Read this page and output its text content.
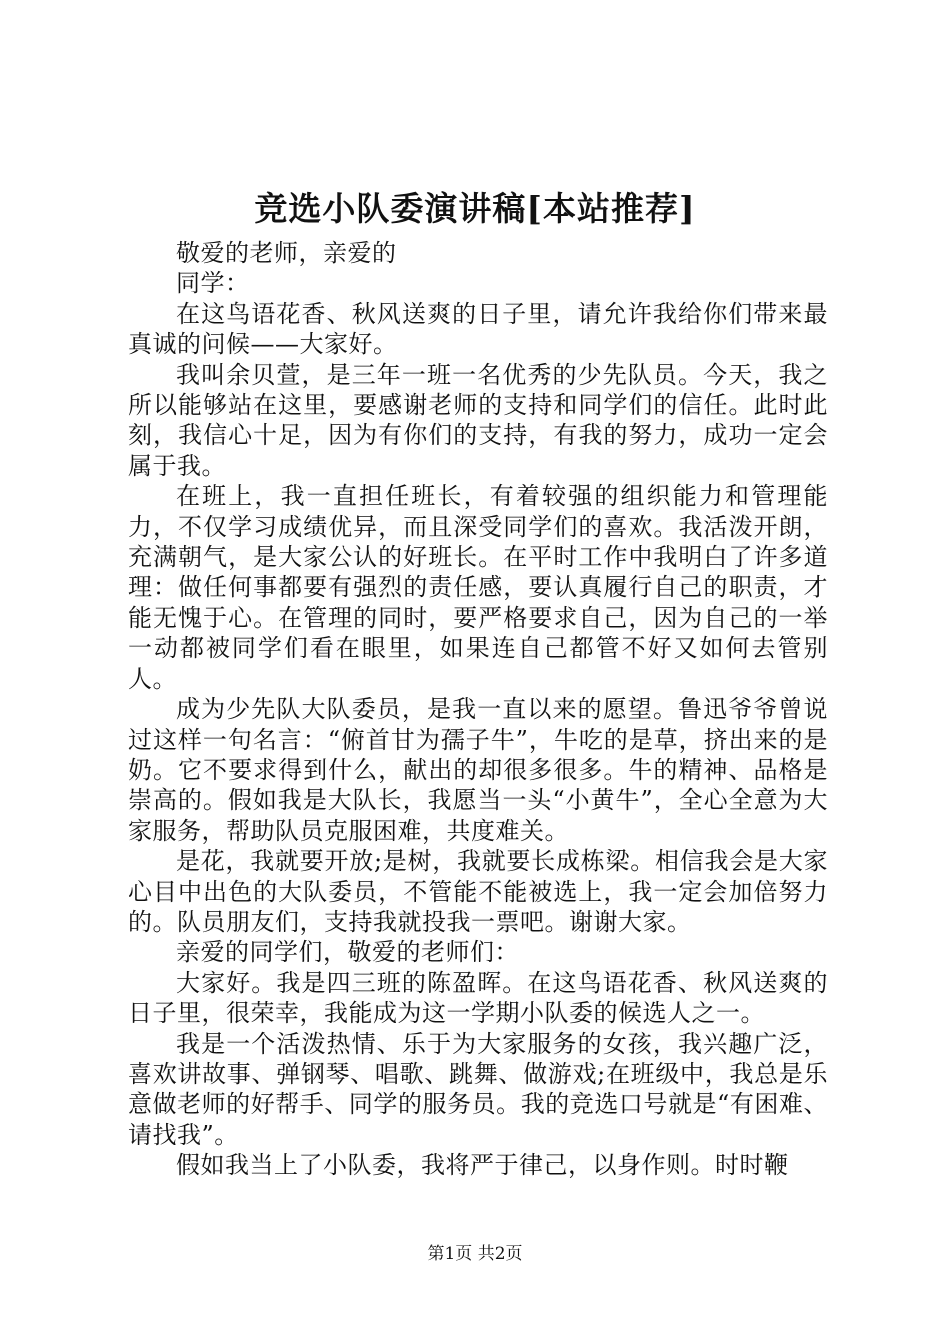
竞选小队委演讲稿[本站推荐]

敬爱的老师，亲爱的

同学：

在这鸟语花香、秋风送爽的日子里，请允许我给你们带来最真诚的问候——大家好。

我叫余贝萱，是三年一班一名优秀的少先队员。今天，我之所以能够站在这里，要感谢老师的支持和同学们的信任。此时此刻，我信心十足，因为有你们的支持，有我的努力，成功一定会属于我。

在班上，我一直担任班长，有着较强的组织能力和管理能力，不仅学习成绩优异，而且深受同学们的喜欢。我活泼开朗，充满朝气，是大家公认的好班长。在平时工作中我明白了许多道理：做任何事都要有强烈的责任感，要认真履行自己的职责，才能无愧于心。在管理的同时，要严格要求自己，因为自己的一举一动都被同学们看在眼里，如果连自己都管不好又如何去管别人。

成为少先队大队委员，是我一直以来的愿望。鲁迅爷爷曾说过这样一句名言：“俯首甘为孺子牛”，牛吃的是草，挤出来的是奶。它不要求得到什么，献出的却很多很多。牛的精神、品格是崇高的。假如我是大队长，我愿当一头“小黄牛”，全心全意为大家服务，帮助队员克服困难，共度难关。

是花，我就要开放;是树，我就要长成栋梁。相信我会是大家心目中出色的大队委员，不管能不能被选上，我一定会加倍努力的。队员朋友们，支持我就投我一票吧。谢谢大家。

亲爱的同学们，敬爱的老师们：

大家好。我是四三班的陈盈晖。在这鸟语花香、秋风送爽的日子里，很荣幸，我能成为这一学期小队委的候选人之一。

我是一个活泼热情、乐于为大家服务的女孩，我兴趣广泛，喜欢讲故事、弹钢琴、唱歌、跳舞、做游戏;在班级中，我总是乐意做老师的好帮手、同学的服务员。我的竞选口号就是“有困难、请找我”。

假如我当上了小队委，我将严于律己，以身作则。时时鞭

第1页 共2页
